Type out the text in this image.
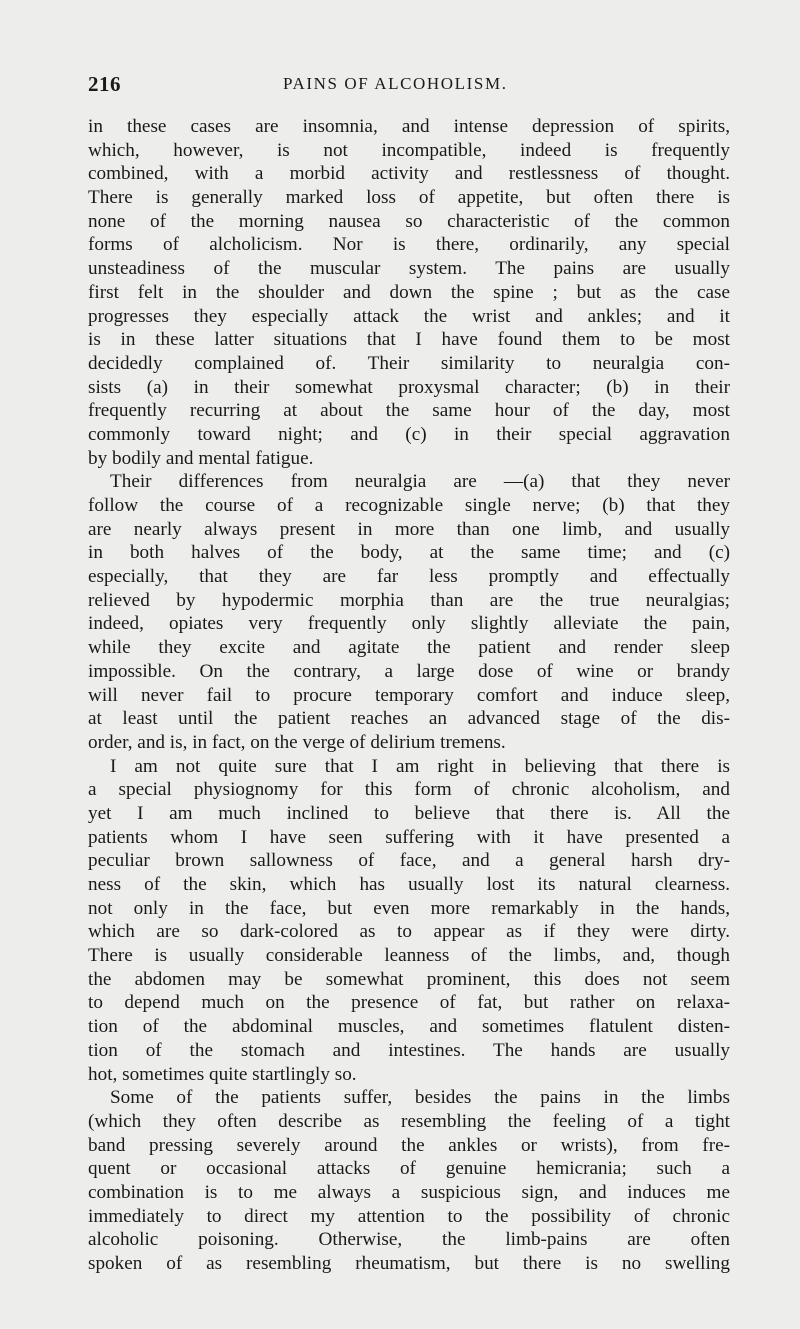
216	PAINS OF ALCOHOLISM.
in these cases are insomnia, and intense depression of spirits,
which, however, is not incompatible, indeed is frequently
combined, with a morbid activity and restlessness of thought.
There is generally marked loss of appetite, but often there is
none of the morning nausea so characteristic of the common
forms of alcholicism. Nor is there, ordinarily, any special
unsteadiness of the muscular system. The pains are usually
first felt in the shoulder and down the spine ; but as the case
progresses they especially attack the wrist and ankles; and it
is in these latter situations that I have found them to be most
decidedly complained of. Their similarity to neuralgia con-
sists (a) in their somewhat proxysmal character; (b) in their
frequently recurring at about the same hour of the day, most
commonly toward night; and (c) in their special aggravation
by bodily and mental fatigue.
Their differences from neuralgia are —(a) that they never
follow the course of a recognizable single nerve; (b) that they
are nearly always present in more than one limb, and usually
in both halves of the body, at the same time; and (c)
especially, that they are far less promptly and effectually
relieved by hypodermic morphia than are the true neuralgias;
indeed, opiates very frequently only slightly alleviate the pain,
while they excite and agitate the patient and render sleep
impossible. On the contrary, a large dose of wine or brandy
will never fail to procure temporary comfort and induce sleep,
at least until the patient reaches an advanced stage of the dis-
order, and is, in fact, on the verge of delirium tremens.
I am not quite sure that I am right in believing that there is
a special physiognomy for this form of chronic alcoholism, and
yet I am much inclined to believe that there is. All the
patients whom I have seen suffering with it have presented a
peculiar brown sallowness of face, and a general harsh dry-
ness of the skin, which has usually lost its natural clearness.
not only in the face, but even more remarkably in the hands,
which are so dark-colored as to appear as if they were dirty.
There is usually considerable leanness of the limbs, and, though
the abdomen may be somewhat prominent, this does not seem
to depend much on the presence of fat, but rather on relaxa-
tion of the abdominal muscles, and sometimes flatulent disten-
tion of the stomach and intestines. The hands are usually
hot, sometimes quite startlingly so.
Some of the patients suffer, besides the pains in the limbs
(which they often describe as resembling the feeling of a tight
band pressing severely around the ankles or wrists), from fre-
quent or occasional attacks of genuine hemicrania; such a
combination is to me always a suspicious sign, and induces me
immediately to direct my attention to the possibility of chronic
alcoholic poisoning. Otherwise, the limb-pains are often
spoken of as resembling rheumatism, but there is no swelling
